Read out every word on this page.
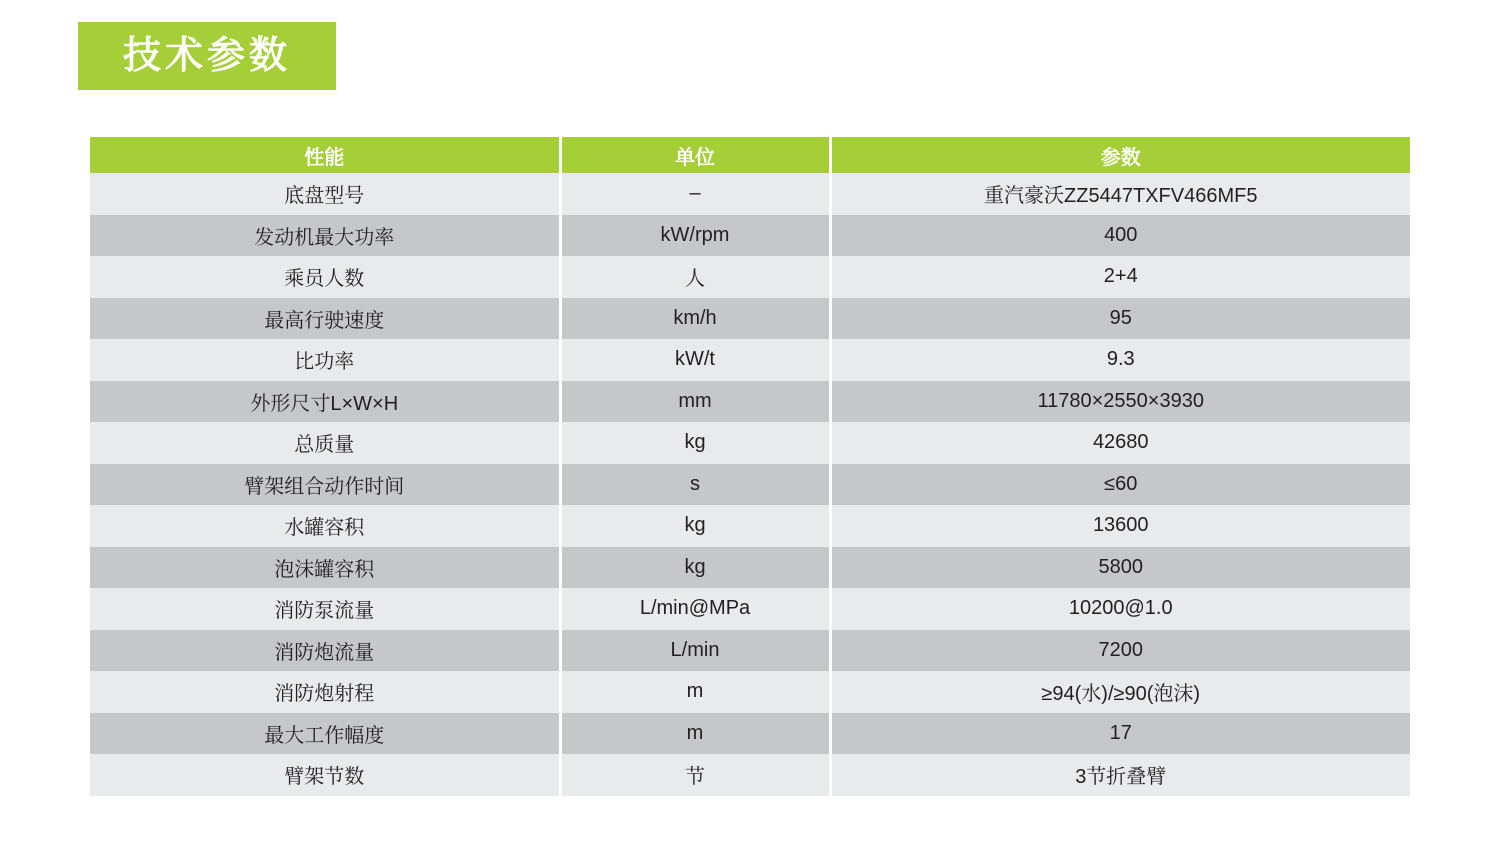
技术参数
性能	单位	参数
底盘型号	–	重汽豪沃ZZ5447TXFV466MF5
发动机最大功率	kW/rpm	400
乘员人数	人	2+4
最高行驶速度	km/h	95
比功率	kW/t	9.3
外形尺寸L×W×H	mm	11780×2550×3930
总质量	kg	42680
臂架组合动作时间	s	≤60
水罐容积	kg	13600
泡沫罐容积	kg	5800
消防泵流量	L/min@MPa	10200@1.0
消防炮流量	L/min	7200
消防炮射程	m	≥94(水)/≥90(泡沫)
最大工作幅度	m	17
臂架节数	节	3节折叠臂
